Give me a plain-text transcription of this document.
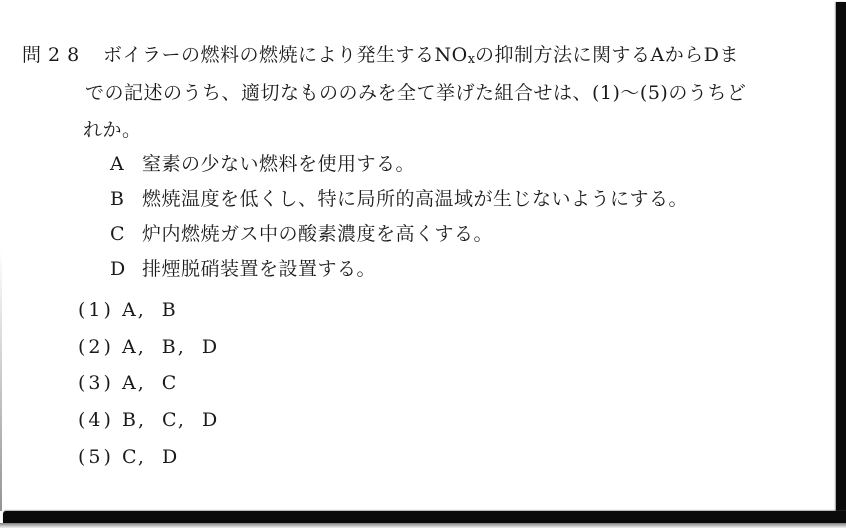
問28 ボイラーの燃料の燃焼により発生するNOxの抑制方法に関するAからDま
での記述のうち、適切なもののみを全て挙げた組合せは、(1)～(5)のうちど
れか。
A 窒素の少ない燃料を使用する。
B 燃焼温度を低くし、特に局所的高温域が生じないようにする。
C 炉内燃焼ガス中の酸素濃度を高くする。
D 排煙脱硝装置を設置する。
(1) A, B
(2) A, B, D
(3) A, C
(4) B, C, D
(5) C, D
